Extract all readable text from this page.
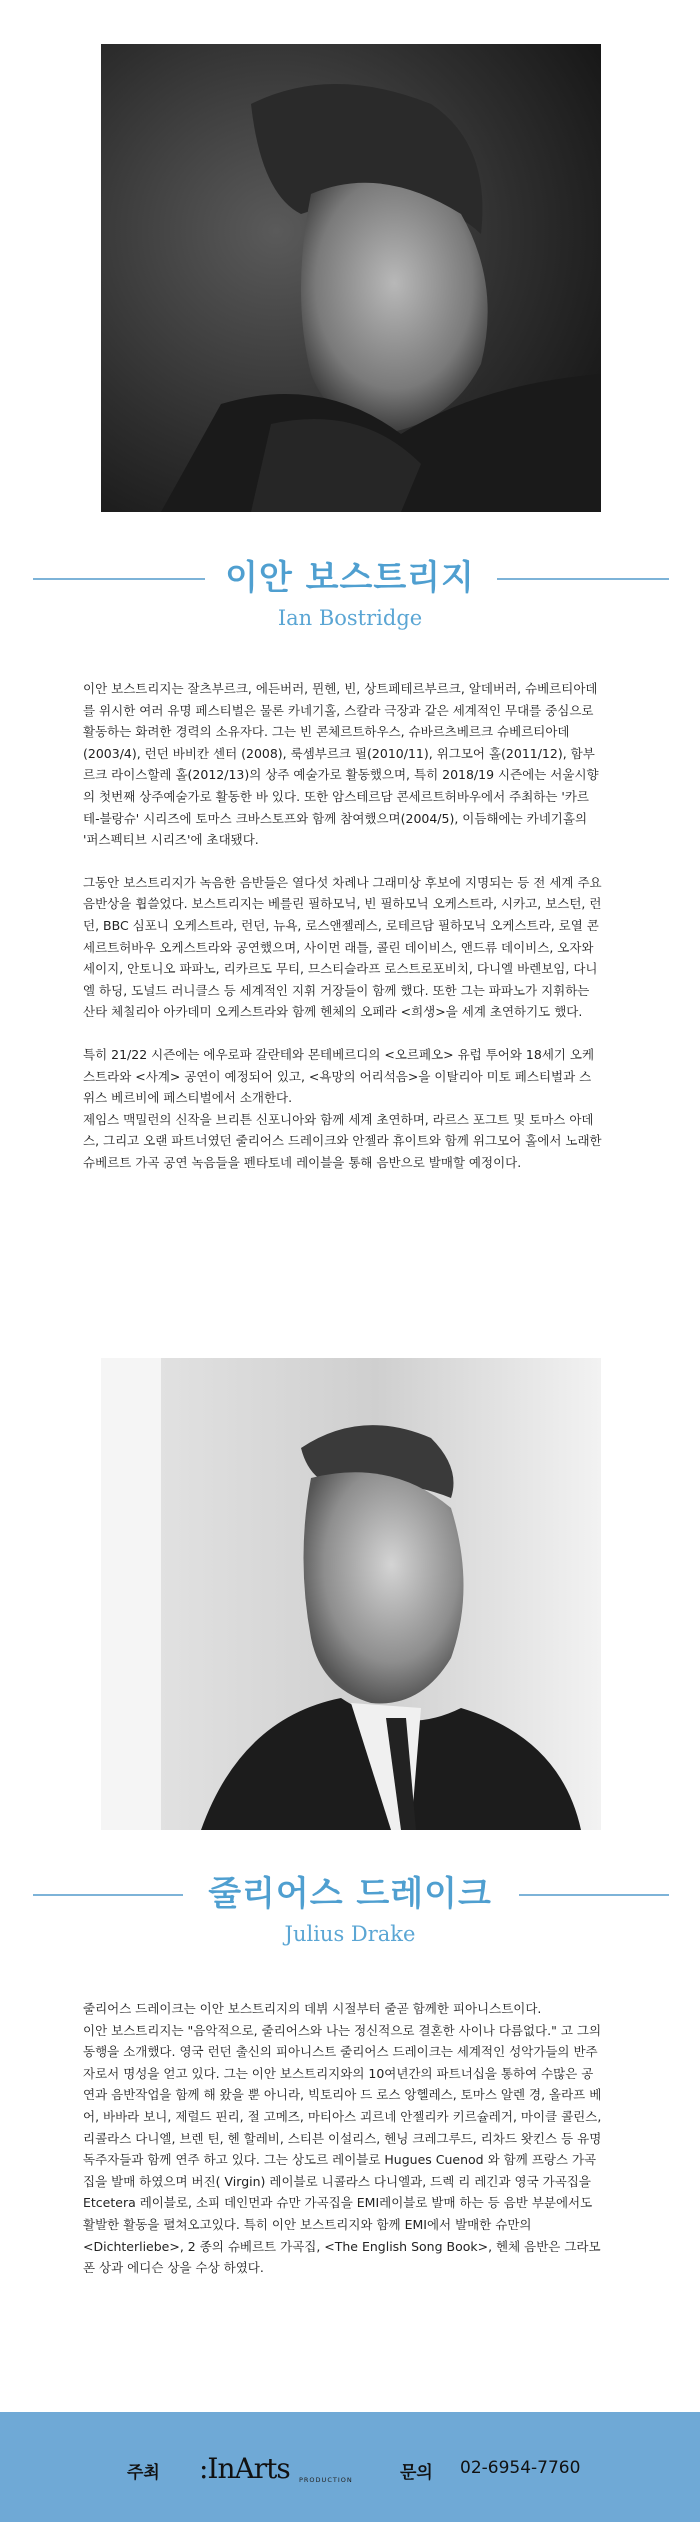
이안 보스트리지
Ian Bostridge

이안 보스트리지는 잘츠부르크, 에든버러, 뮌헨, 빈, 상트페테르부르크, 알데버러, 슈베르티아데를 위시한 여러 유명 페스티벌은 물론 카네기홀, 스칼라 극장과 같은 세계적인 무대를 중심으로 활동하는 화려한 경력의 소유자다. 그는 빈 콘체르트하우스, 슈바르츠베르크 슈베르티아데 (2003/4), 런던 바비칸 센터 (2008), 룩셈부르크 필(2010/11), 위그모어 홀(2011/12), 함부르크 라이스할레 홀(2012/13)의 상주 예술가로 활동했으며, 특히 2018/19 시즌에는 서울시향의 첫번째 상주예술가로 활동한 바 있다. 또한 암스테르담 콘세르트허바우에서 주최하는 '카르테-블랑슈' 시리즈에 토마스 크바스토프와 함께 참여했으며(2004/5), 이듬해에는 카네기홀의 '퍼스펙티브 시리즈'에 초대됐다.

그동안 보스트리지가 녹음한 음반들은 열다섯 차례나 그래미상 후보에 지명되는 등 전 세계 주요 음반상을 휩쓸었다. 보스트리지는 베를린 필하모닉, 빈 필하모닉 오케스트라, 시카고, 보스턴, 런던, BBC 심포니 오케스트라, 런던, 뉴욕, 로스앤젤레스, 로테르담 필하모닉 오케스트라, 로열 콘세르트허바우 오케스트라와 공연했으며, 사이먼 래틀, 콜린 데이비스, 앤드류 데이비스, 오자와 세이지, 안토니오 파파노, 리카르도 무티, 므스티슬라프 로스트로포비치, 다니엘 바렌보임, 다니엘 하딩, 도널드 러니클스 등 세계적인 지휘 거장들이 함께 했다. 또한 그는 파파노가 지휘하는 산타 체칠리아 아카데미 오케스트라와 함께 헨체의 오페라 <희생>을 세계 초연하기도 했다.

특히 21/22 시즌에는 에우로파 갈란테와 몬테베르디의 <오르페오> 유럽 투어와 18세기 오케스트라와 <사계> 공연이 예정되어 있고, <욕망의 어리석음>을 이탈리아 미토 페스티벌과 스위스 베르비에 페스티벌에서 소개한다.

제임스 맥밀런의 신작을 브리튼 신포니아와 함께 세계 초연하며, 라르스 포그트 및 토마스 아데스, 그리고 오랜 파트너였던 줄리어스 드레이크와 안젤라 휴이트와 함께 위그모어 홀에서 노래한 슈베르트 가곡 공연 녹음들을 펜타토네 레이블을 통해 음반으로 발매할 예정이다.

줄리어스 드레이크
Julius Drake

줄리어스 드레이크는 이안 보스트리지의 데뷔 시절부터 줄곧 함께한 피아니스트이다.

이안 보스트리지는 "음악적으로, 줄리어스와 나는 정신적으로 결혼한 사이나 다름없다." 고 그의 동행을 소개했다. 영국 런던 출신의 피아니스트 줄리어스 드레이크는 세계적인 성악가들의 반주자로서 명성을 얻고 있다. 그는 이안 보스트리지와의 10여년간의 파트너십을 통하여 수많은 공연과 음반작업을 함께 해 왔을 뿐 아니라, 빅토리아 드 로스 앙헬레스, 토마스 알렌 경, 올라프 베어, 바바라 보니, 제럴드 핀리, 절 고메즈, 마티아스 괴르네 안젤리카 키르슐레거, 마이클 콜린스, 리콜라스 다니엘, 브렌 틴, 헨 할레비, 스티븐 이설리스, 헨닝 크레그루드, 리차드 왓킨스 등 유명 독주자들과 함께 연주 하고 있다. 그는 상도르 레이블로 Hugues Cuenod 와 함께 프랑스 가곡집을 발매 하였으며 버진( Virgin) 레이블로 니콜라스 다니엘과, 드렉 리 레긴과 영국 가곡집을 Etcetera 레이블로, 소피 데인먼과 슈만 가곡집을 EMI레이블로 발매 하는 등 음반 부분에서도 활발한 활동을 펼쳐오고있다. 특히 이안 보스트리지와 함께 EMI에서 발매한 슈만의 <Dichterliebe>, 2 종의 슈베르트 가곡집, <The English Song Book>, 헨체 음반은 그라모폰 상과 에디슨 상을 수상 하였다.

주최 :InArts PRODUCTION	문의 02-6954-7760
